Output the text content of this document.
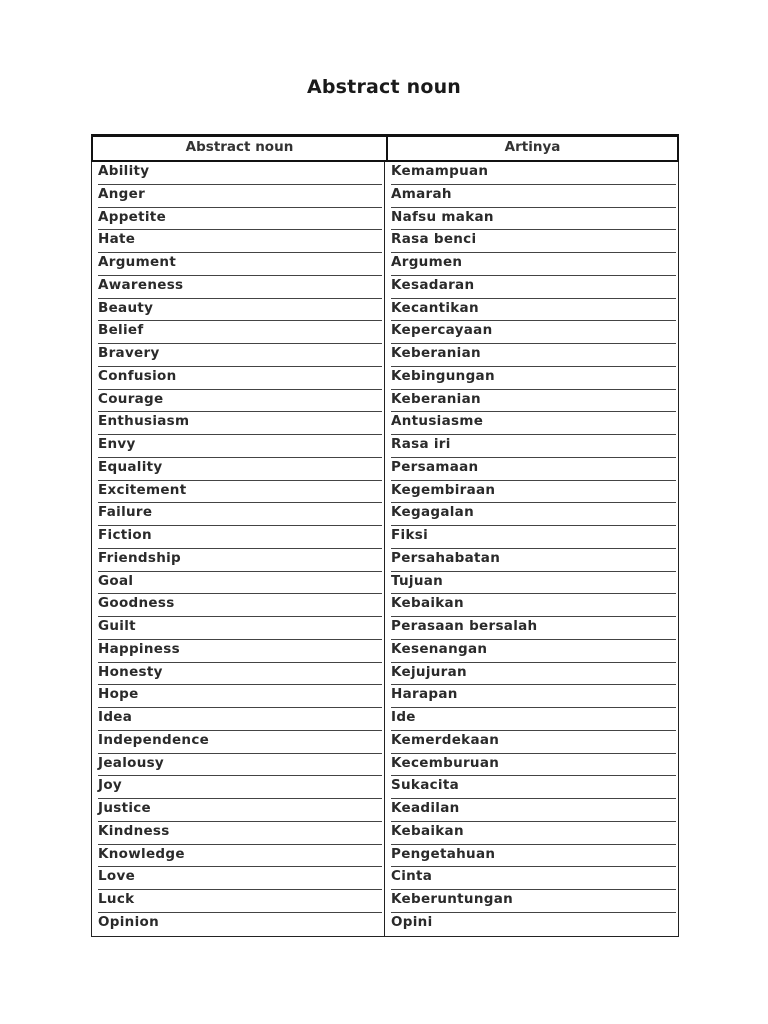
Abstract noun
Abstract noun	Artinya
Ability	Kemampuan
Anger	Amarah
Appetite	Nafsu makan
Hate	Rasa benci
Argument	Argumen
Awareness	Kesadaran
Beauty	Kecantikan
Belief	Kepercayaan
Bravery	Keberanian
Confusion	Kebingungan
Courage	Keberanian
Enthusiasm	Antusiasme
Envy	Rasa iri
Equality	Persamaan
Excitement	Kegembiraan
Failure	Kegagalan
Fiction	Fiksi
Friendship	Persahabatan
Goal	Tujuan
Goodness	Kebaikan
Guilt	Perasaan bersalah
Happiness	Kesenangan
Honesty	Kejujuran
Hope	Harapan
Idea	Ide
Independence	Kemerdekaan
Jealousy	Kecemburuan
Joy	Sukacita
Justice	Keadilan
Kindness	Kebaikan
Knowledge	Pengetahuan
Love	Cinta
Luck	Keberuntungan
Opinion	Opini
